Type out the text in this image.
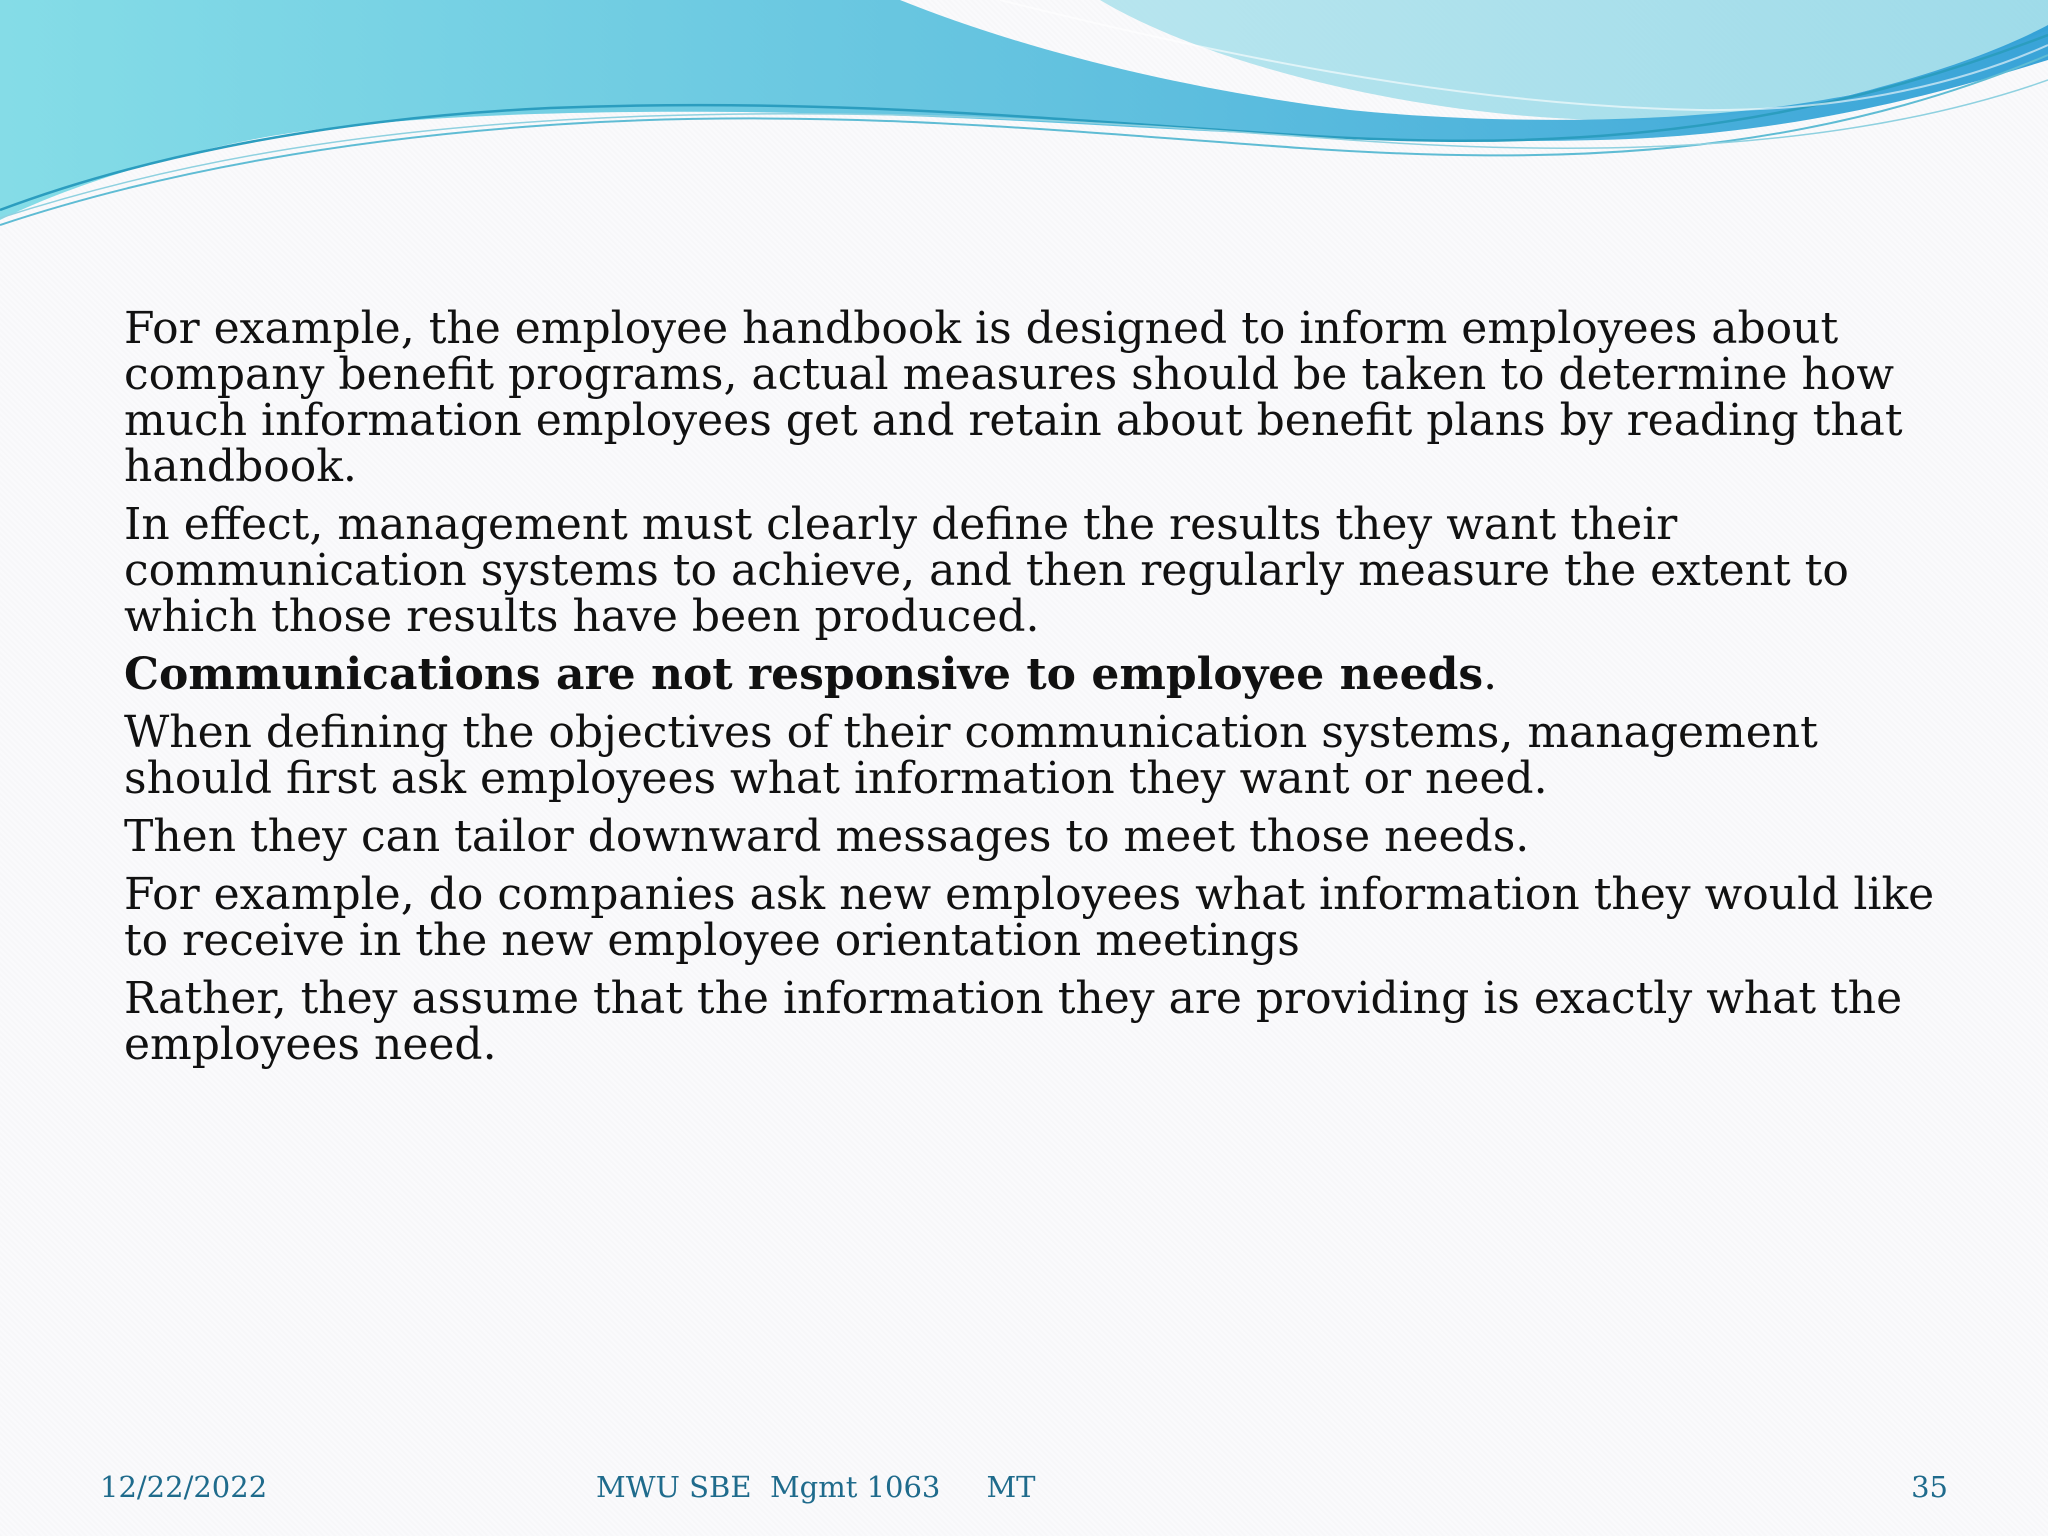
For example, the employee handbook is designed to inform employees about company benefit programs, actual measures should be taken to determine how much information employees get and retain about benefit plans by reading that handbook.

In effect, management must clearly define the results they want their communication systems to achieve, and then regularly measure the extent to which those results have been produced.

Communications are not responsive to employee needs.

When defining the objectives of their communication systems, management should first ask employees what information they want or need.

Then they can tailor downward messages to meet those needs.

For example, do companies ask new employees what information they would like to receive in the new employee orientation meetings

Rather, they assume that the information they are providing is exactly what the employees need.

12/22/2022	MWU SBE  Mgmt 1063     MT	35
